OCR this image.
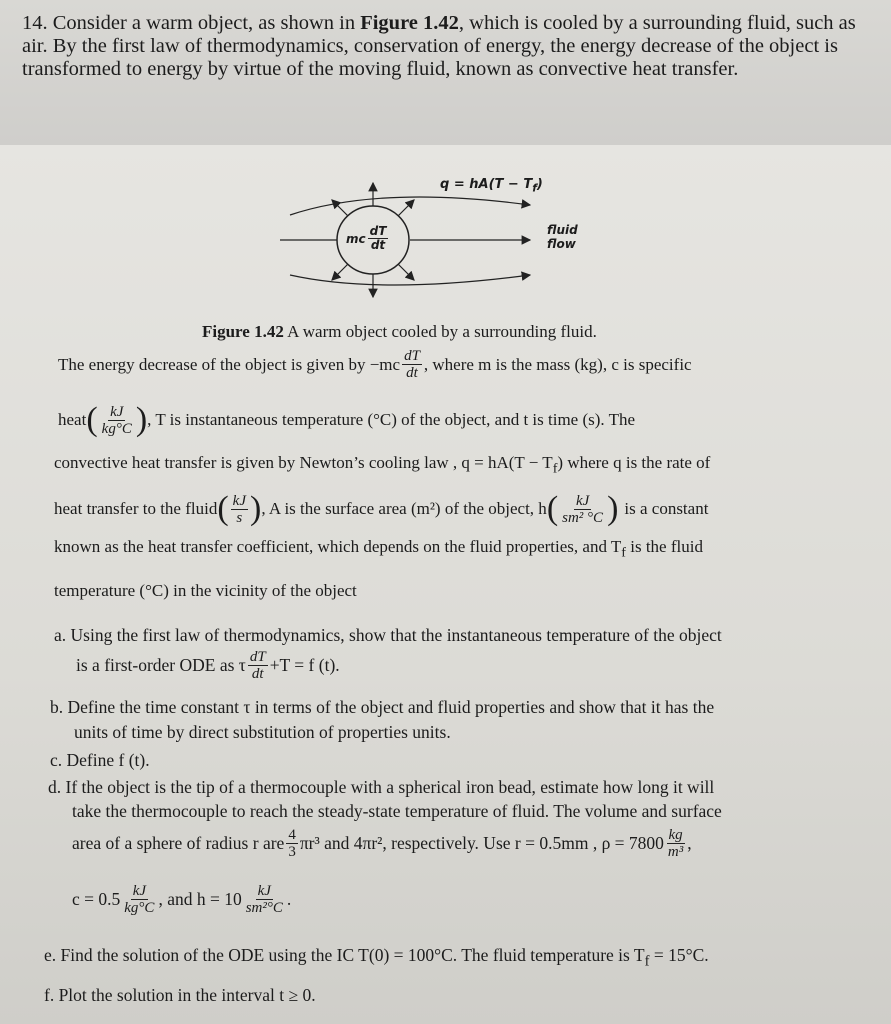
14. Consider a warm object, as shown in Figure 1.42, which is cooled by a surrounding fluid, such as air. By the first law of thermodynamics, conservation of energy, the energy decrease of the object is transformed to energy by virtue of the moving fluid, known as convective heat transfer.

$q = hA(T - T_f)$
mc $\frac{dT}{dt}$	fluid
flow
Figure 1.42 A warm object cooled by a surrounding fluid.
The energy decrease of the object is given by $-mc \frac{dT}{dt}$ , where m is the mass (kg), c is specific
heat ( $\frac{kJ}{kg^\circ C}$ ) , T is instantaneous temperature (°C) of the object, and t is time (s). The
convective heat transfer is given by Newton’s cooling law , $q = hA(T - T_f)$ where q is the rate of
heat transfer to the fluid ( $\frac{kJ}{s}$ ) , A is the surface area (m²) of the object, h ( $\frac{kJ}{\text{sm² °C}}$ ) is a constant
known as the heat transfer coefficient, which depends on the fluid properties, and $T_f$ is the fluid
temperature (°C) in the vicinity of the object
a. Using the first law of thermodynamics, show that the instantaneous temperature of the object
is a first-order ODE as τ $\frac{dT}{dt} +T = f$ (t).
b. Define the time constant τ in terms of the object and fluid properties and show that it has the
units of time by direct substitution of properties units.
c. Define f (t).
d. If the object is the tip of a thermocouple with a spherical iron bead, estimate how long it will
take the thermocouple to reach the steady-state temperature of fluid. The volume and surface
area of a sphere of radius r are $\frac{4}{3} \pi r^3$ and 4πr², respectively. Use r = 0.5mm , $\rho = 7800 \frac{kg}{\text{m³}}$ ,
$c = 0.5 \frac{kJ}{kg^\circ C}$ , and $h = 10 \frac{kJ}{\text{sm²°C}}$ .
e. Find the solution of the ODE using the IC T(0) = 100°C. The fluid temperature is $T_f = 15^\circ C$.
f. Plot the solution in the interval t ≥ 0.
